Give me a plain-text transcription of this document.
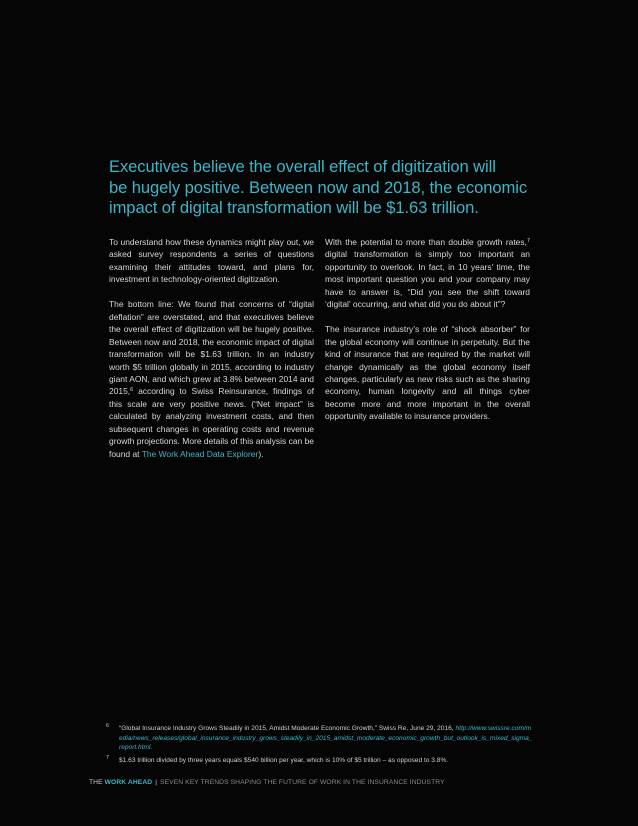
Executives believe the overall effect of digitization will
be hugely positive. Between now and 2018, the economic
impact of digital transformation will be $1.63 trillion.

To understand how these dynamics might play out, we asked survey respondents a series of questions examining their attitudes toward, and plans for, investment in technology-oriented digitization.

The bottom line: We found that concerns of “digital deflation” are overstated, and that executives believe the overall effect of digitization will be hugely positive. Between now and 2018, the economic impact of digital transformation will be $1.63 trillion. In an industry worth $5 trillion globally in 2015, according to industry giant AON, and which grew at 3.8% between 2014 and 2015,$^6$ according to Swiss Reinsurance, findings of this scale are very positive news. (“Net impact” is calculated by analyzing investment costs, and then subsequent changes in operating costs and revenue growth projections. More details of this analysis can be found at The Work Ahead Data Explorer).

With the potential to more than double growth rates,$^7$ digital transformation is simply too important an opportunity to overlook. In fact, in 10 years’ time, the most important question you and your company may have to answer is, “Did you see the shift toward ‘digital’ occurring, and what did you do about it”?

The insurance industry’s role of “shock absorber” for the global economy will continue in perpetuity. But the kind of insurance that are required by the market will change dynamically as the global economy itself changes, particularly as new risks such as the sharing economy, human longevity and all things cyber become more and more important in the overall opportunity available to insurance providers.

6 “Global Insurance Industry Grows Steadily in 2015, Amidst Moderate Economic Growth,” Swiss Re, June 29, 2016, http://www.swissre.com/media/news_releases/global_insurance_industry_grows_steadily_in_2015_amidst_moderate_economic_growth_but_outlook_is_mixed_sigma_report.html.
7 $1.63 trillion divided by three years equals $540 billion per year, which is 10% of $5 trillion – as opposed to 3.8%.
THE WORK AHEAD | SEVEN KEY TRENDS SHAPING THE FUTURE OF WORK IN THE INSURANCE INDUSTRY
